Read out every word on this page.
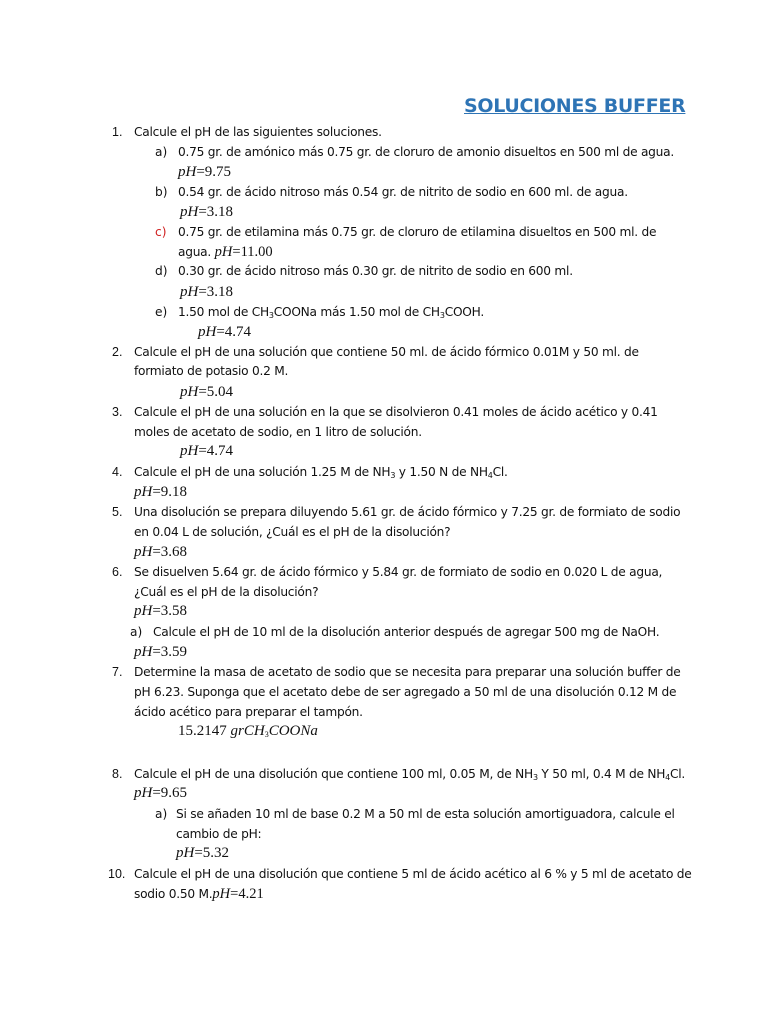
SOLUCIONES BUFFER
1. Calcule el pH de las siguientes soluciones.
a) 0.75 gr. de amónico más 0.75 gr. de cloruro de amonio disueltos en 500 ml de agua.
pH=9.75
b) 0.54 gr. de ácido nitroso más 0.54 gr. de nitrito de sodio en 600 ml. de agua.
pH=3.18
c) 0.75 gr. de etilamina más 0.75 gr. de cloruro de etilamina disueltos en 500 ml. de
agua. pH=11.00
d) 0.30 gr. de ácido nitroso más 0.30 gr. de nitrito de sodio en 600 ml.
pH=3.18
e) 1.50 mol de $CH_3COONa$ más 1.50 mol de $CH_3COOH$.
pH=4.74
2. Calcule el pH de una solución que contiene 50 ml. de ácido fórmico 0.01M y 50 ml. de
formiato de potasio 0.2 M.
pH=5.04
3. Calcule el pH de una solución en la que se disolvieron 0.41 moles de ácido acético y 0.41
moles de acetato de sodio, en 1 litro de solución.
pH=4.74
4. Calcule el pH de una solución 1.25 M de $NH_3$ y 1.50 N de $NH_4Cl$.
pH=9.18
5. Una disolución se prepara diluyendo 5.61 gr. de ácido fórmico y 7.25 gr. de formiato de sodio
en 0.04 L de solución, ¿Cuál es el pH de la disolución?
pH=3.68
6. Se disuelven 5.64 gr. de ácido fórmico y 5.84 gr. de formiato de sodio en 0.020 L de agua,
¿Cuál es el pH de la disolución?
pH=3.58
a) Calcule el pH de 10 ml de la disolución anterior después de agregar 500 mg de NaOH.
pH=3.59
7. Determine la masa de acetato de sodio que se necesita para preparar una solución buffer de
pH 6.23. Suponga que el acetato debe de ser agregado a 50 ml de una disolución 0.12 M de
ácido acético para preparar el tampón.
15.2147 grCH$_3$COONa
8. Calcule el pH de una disolución que contiene 100 ml, 0.05 M, de $NH_3$ Y 50 ml, 0.4 M de $NH_4Cl$.
pH=9.65
a) Si se añaden 10 ml de base 0.2 M a 50 ml de esta solución amortiguadora, calcule el
cambio de pH:
pH=5.32
10. Calcule el pH de una disolución que contiene 5 ml de ácido acético al 6 % y 5 ml de acetato de
sodio 0.50 M.pH=4.21
